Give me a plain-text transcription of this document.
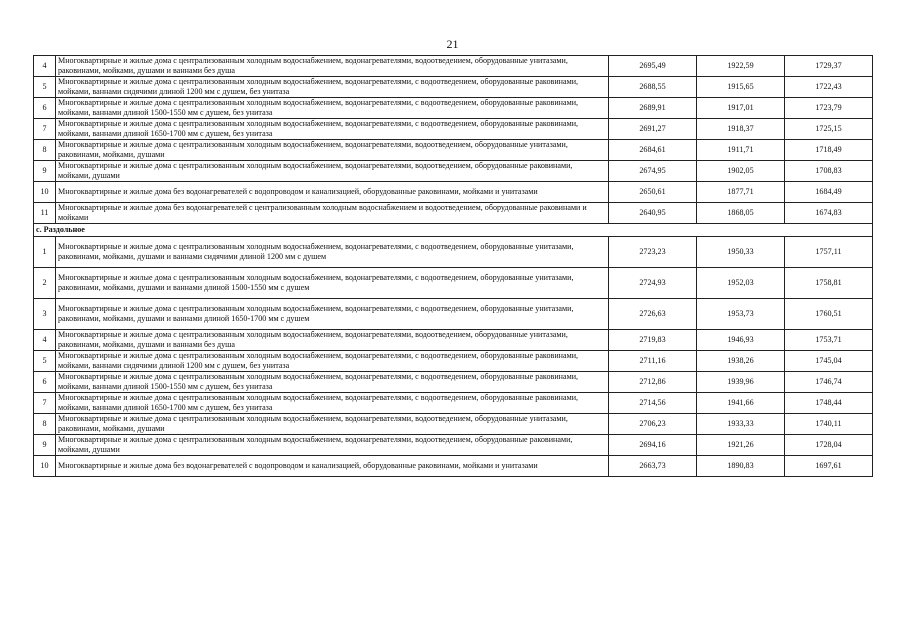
21
4	Многоквартирные и жилые дома с централизованным холодным водоснабжением, водонагревателями, водоотведением, оборудованные унитазами, раковинами, мойками, душами и ваннами без душа	2695,49	1922,59	1729,37
5	Многоквартирные и жилые дома с централизованным холодным водоснабжением, водонагревателями, с водоотведением, оборудованные раковинами, мойками, ваннами сидячими длиной 1200 мм с душем, без унитаза	2688,55	1915,65	1722,43
6	Многоквартирные и жилые дома с централизованным холодным водоснабжением, водонагревателями, с водоотведением, оборудованные раковинами, мойками, ваннами длиной 1500-1550 мм с душем, без унитаза	2689,91	1917,01	1723,79
7	Многоквартирные и жилые дома с централизованным холодным водоснабжением, водонагревателями, с водоотведением, оборудованные раковинами, мойками, ваннами длиной 1650-1700 мм с душем, без унитаза	2691,27	1918,37	1725,15
8	Многоквартирные и жилые дома с централизованным холодным водоснабжением, водонагревателями, водоотведением, оборудованные унитазами, раковинами, мойками, душами	2684,61	1911,71	1718,49
9	Многоквартирные и жилые дома с централизованным холодным водоснабжением, водонагревателями, водоотведением, оборудованные раковинами, мойками, душами	2674,95	1902,05	1708,83
10	Многоквартирные и жилые дома без водонагревателей с водопроводом и канализацией, оборудованные раковинами, мойками и унитазами	2650,61	1877,71	1684,49
11	Многоквартирные и жилые дома без водонагревателей с централизованным холодным водоснабжением и водоотведением, оборудованные раковинами и мойками	2640,95	1868,05	1674,83
с. Раздольное				
1	Многоквартирные и жилые дома с централизованным холодным водоснабжением, водонагревателями, с водоотведением, оборудованные унитазами, раковинами, мойками, душами и ваннами сидячими длиной 1200 мм с душем	2723,23	1950,33	1757,11
2	Многоквартирные и жилые дома с централизованным холодным водоснабжением, водонагревателями, с водоотведением, оборудованные унитазами, раковинами, мойками, душами и ваннами длиной 1500-1550 мм с душем	2724,93	1952,03	1758,81
3	Многоквартирные и жилые дома с централизованным холодным водоснабжением, водонагревателями, с водоотведением, оборудованные унитазами, раковинами, мойками, душами и ваннами длиной 1650-1700 мм с душем	2726,63	1953,73	1760,51
4	Многоквартирные и жилые дома с централизованным холодным водоснабжением, водонагревателями, водоотведением, оборудованные унитазами, раковинами, мойками, душами и ваннами без душа	2719,83	1946,93	1753,71
5	Многоквартирные и жилые дома с централизованным холодным водоснабжением, водонагревателями, с водоотведением, оборудованные раковинами, мойками, ваннами сидячими длиной 1200 мм с душем, без унитаза	2711,16	1938,26	1745,04
6	Многоквартирные и жилые дома с централизованным холодным водоснабжением, водонагревателями, с водоотведением, оборудованные раковинами, мойками, ваннами длиной 1500-1550 мм с душем, без унитаза	2712,86	1939,96	1746,74
7	Многоквартирные и жилые дома с централизованным холодным водоснабжением, водонагревателями, с водоотведением, оборудованные раковинами, мойками, ваннами длиной 1650-1700 мм с душем, без унитаза	2714,56	1941,66	1748,44
8	Многоквартирные и жилые дома с централизованным холодным водоснабжением, водонагревателями, водоотведением, оборудованные унитазами, раковинами, мойками, душами	2706,23	1933,33	1740,11
9	Многоквартирные и жилые дома с централизованным холодным водоснабжением, водонагревателями, водоотведением, оборудованные раковинами, мойками, душами	2694,16	1921,26	1728,04
10	Многоквартирные и жилые дома без водонагревателей с водопроводом и канализацией, оборудованные раковинами, мойками и унитазами	2663,73	1890,83	1697,61
